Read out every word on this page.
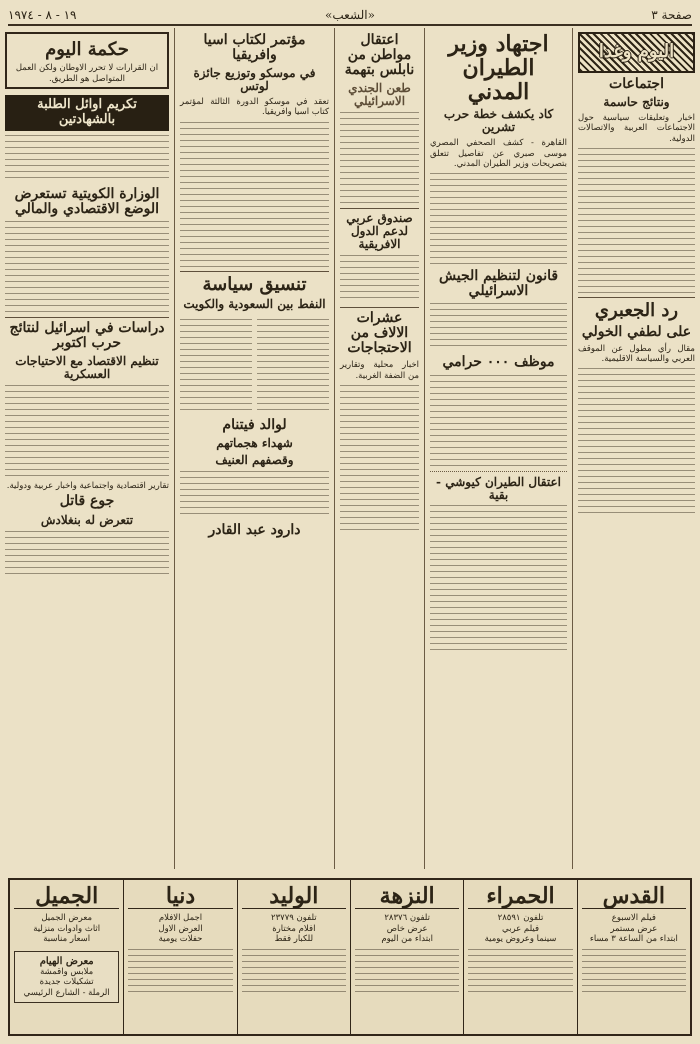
صفحة ٣
«الشعب»
١٩ - ٨ - ١٩٧٤
اليوم وغدا
اجتماعات
ونتائج حاسمة
اخبار وتعليقات سياسية حول الاجتماعات العربية والاتصالات الدولية.
رد الجعبري
على لطفي الخولي
مقال رأي مطول عن الموقف العربي والسياسة الاقليمية.
اجتهاد وزير الطيران المدني
كاد يكشف خطة حرب تشرين
القاهرة - كشف الصحفي المصري موسى صبري عن تفاصيل تتعلق بتصريحات وزير الطيران المدني.
قانون لتنظيم الجيش الاسرائيلي
موظف ٠٠٠ حرامي
اعتقال الطيران كيوشي - بقية
اعتقال مواطن من نابلس بتهمة
طعن الجندي الاسرائيلي
صندوق عربي لدعم الدول الافريقية
عشرات الالاف من الاحتجاجات
اخبار محلية وتقارير من الضفة الغربية.
مؤتمر لكتاب اسيا وافريقيا
في موسكو وتوزيع جائزة لوتس
تعقد في موسكو الدورة الثالثة لمؤتمر كتاب اسيا وافريقيا.
تنسيق سياسة
النفط بين السعودية والكويت
لوالد فيتنام
شهداء هجماتهم
وقصفهم العنيف
دارود عبد القادر
حكمة اليوم
ان القرارات لا تحرر الاوطان ولكن العمل المتواصل هو الطريق.
تكريم اوائل الطلبة بالشهادتين
الوزارة الكويتية تستعرض الوضع الاقتصادي والمالي
دراسات في اسرائيل لنتائج حرب اكتوبر
تنظيم الاقتصاد مع الاحتياجات العسكرية
تقارير اقتصادية واجتماعية واخبار عربية ودولية.
جوع قاتل
تتعرض له بنغلادش
القدس
فيلم الاسبوع
عرض مستمر
ابتداء من الساعة ٣ مساء
الحمراء
تلفون ٢٨٥٩١
فيلم عربي
سينما وعروض يومية
النزهة
تلفون ٢٨٣٧٦
عرض خاص
ابتداء من اليوم
الوليد
تلفون ٢٣٧٧٩
افلام مختارة
للكبار فقط
دنيا
اجمل الافلام
العرض الاول
حفلات يومية
الجميل
معرض الجميل
اثاث وادوات منزلية
اسعار مناسبة
معرض الهيام
ملابس واقمشة
تشكيلات جديدة
الرملة - الشارع الرئيسي
